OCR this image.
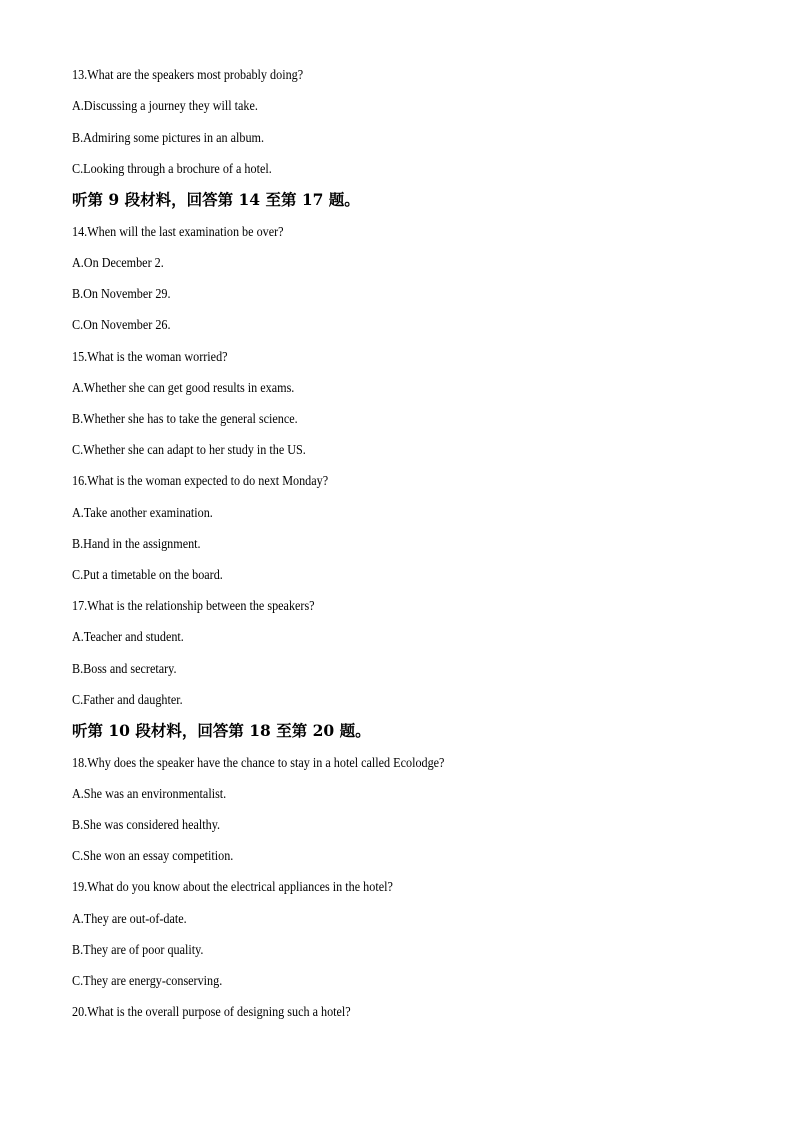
13.What are the speakers most probably doing?
A.Discussing a journey they will take.
B.Admiring some pictures in an album.
C.Looking through a brochure of a hotel.
听第 9 段材料，回答第 14 至第 17 题。
14.When will the last examination be over?
A.On December 2.
B.On November 29.
C.On November 26.
15.What is the woman worried?
A.Whether she can get good results in exams.
B.Whether she has to take the general science.
C.Whether she can adapt to her study in the US.
16.What is the woman expected to do next Monday?
A.Take another examination.
B.Hand in the assignment.
C.Put a timetable on the board.
17.What is the relationship between the speakers?
A.Teacher and student.
B.Boss and secretary.
C.Father and daughter.
听第 10 段材料，回答第 18 至第 20 题。
18.Why does the speaker have the chance to stay in a hotel called Ecolodge?
A.She was an environmentalist.
B.She was considered healthy.
C.She won an essay competition.
19.What do you know about the electrical appliances in the hotel?
A.They are out-of-date.
B.They are of poor quality.
C.They are energy-conserving.
20.What is the overall purpose of designing such a hotel?
